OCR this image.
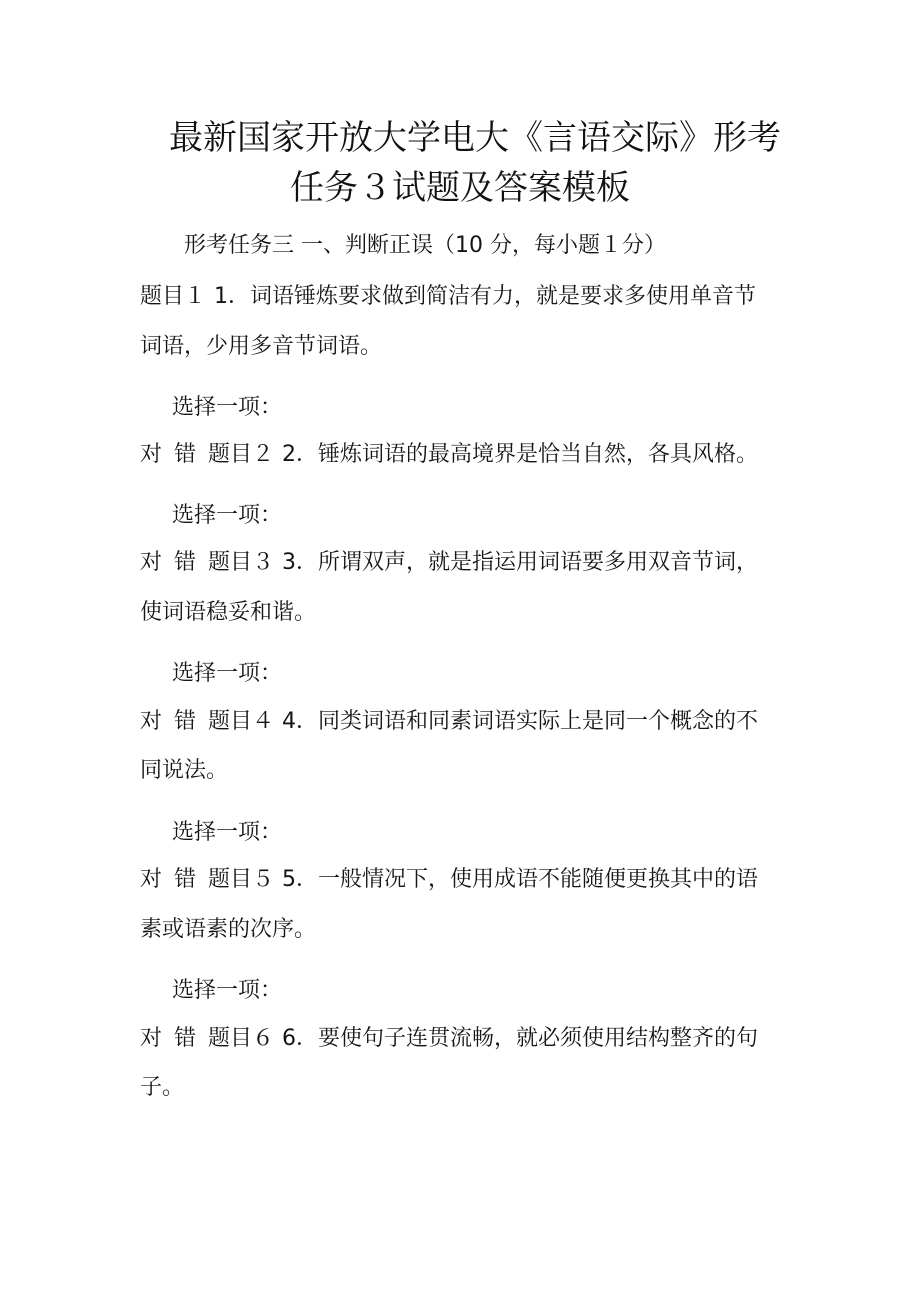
最新国家开放大学电大《言语交际》形考
任务３试题及答案模板
形考任务三 一、判断正误（10 分，每小题１分）
题目１ 1．词语锤炼要求做到简洁有力，就是要求多使用单音节
词语，少用多音节词语。
选择一项：
对 错 题目２ 2．锤炼词语的最高境界是恰当自然，各具风格。
选择一项：
对 错 题目３ 3．所谓双声，就是指运用词语要多用双音节词，
使词语稳妥和谐。
选择一项：
对 错 题目４ 4．同类词语和同素词语实际上是同一个概念的不
同说法。
选择一项：
对 错 题目５ 5．一般情况下，使用成语不能随便更换其中的语
素或语素的次序。
选择一项：
对 错 题目６ 6．要使句子连贯流畅，就必须使用结构整齐的句
子。
